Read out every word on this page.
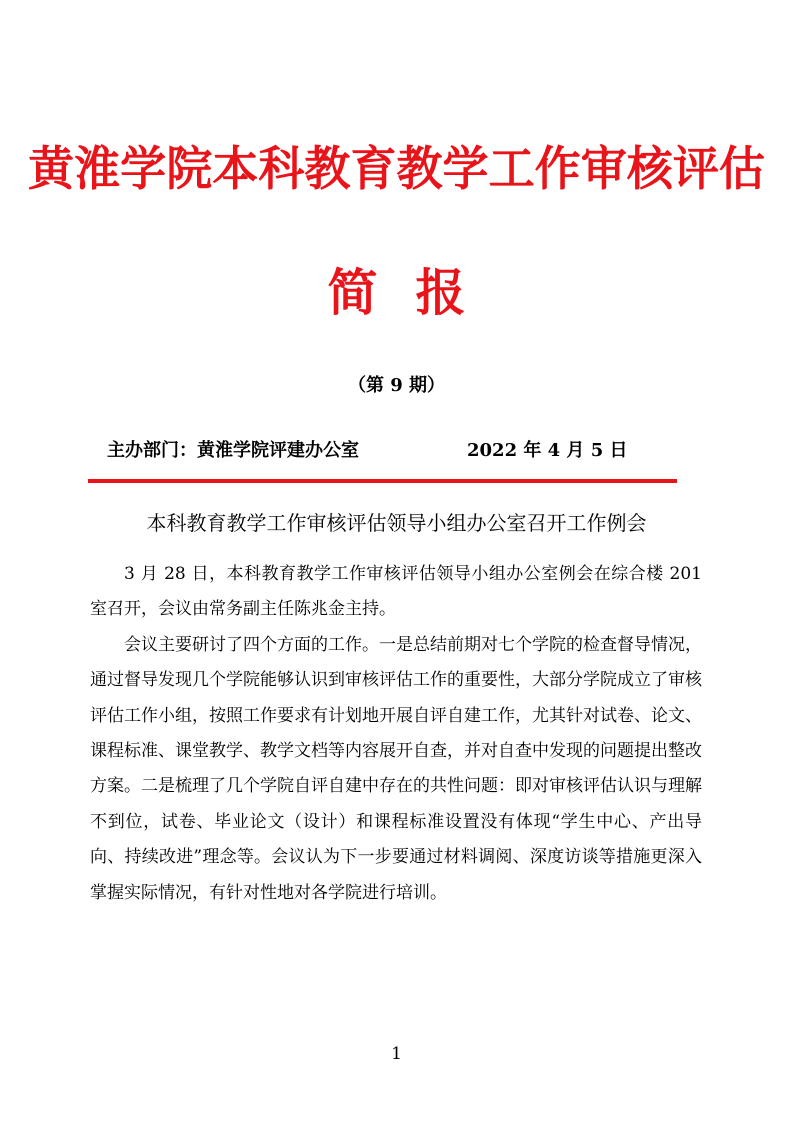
黄淮学院本科教育教学工作审核评估
简报
（第 9 期）
主办部门：黄淮学院评建办公室	2022 年 4 月 5 日
本科教育教学工作审核评估领导小组办公室召开工作例会

3 月 28 日，本科教育教学工作审核评估领导小组办公室例会在综合楼 201 室召开，会议由常务副主任陈兆金主持。

会议主要研讨了四个方面的工作。一是总结前期对七个学院的检查督导情况，通过督导发现几个学院能够认识到审核评估工作的重要性，大部分学院成立了审核评估工作小组，按照工作要求有计划地开展自评自建工作，尤其针对试卷、论文、课程标准、课堂教学、教学文档等内容展开自查，并对自查中发现的问题提出整改方案。二是梳理了几个学院自评自建中存在的共性问题：即对审核评估认识与理解不到位，试卷、毕业论文（设计）和课程标准设置没有体现“学生中心、产出导向、持续改进”理念等。会议认为下一步要通过材料调阅、深度访谈等措施更深入掌握实际情况，有针对性地对各学院进行培训。

1
